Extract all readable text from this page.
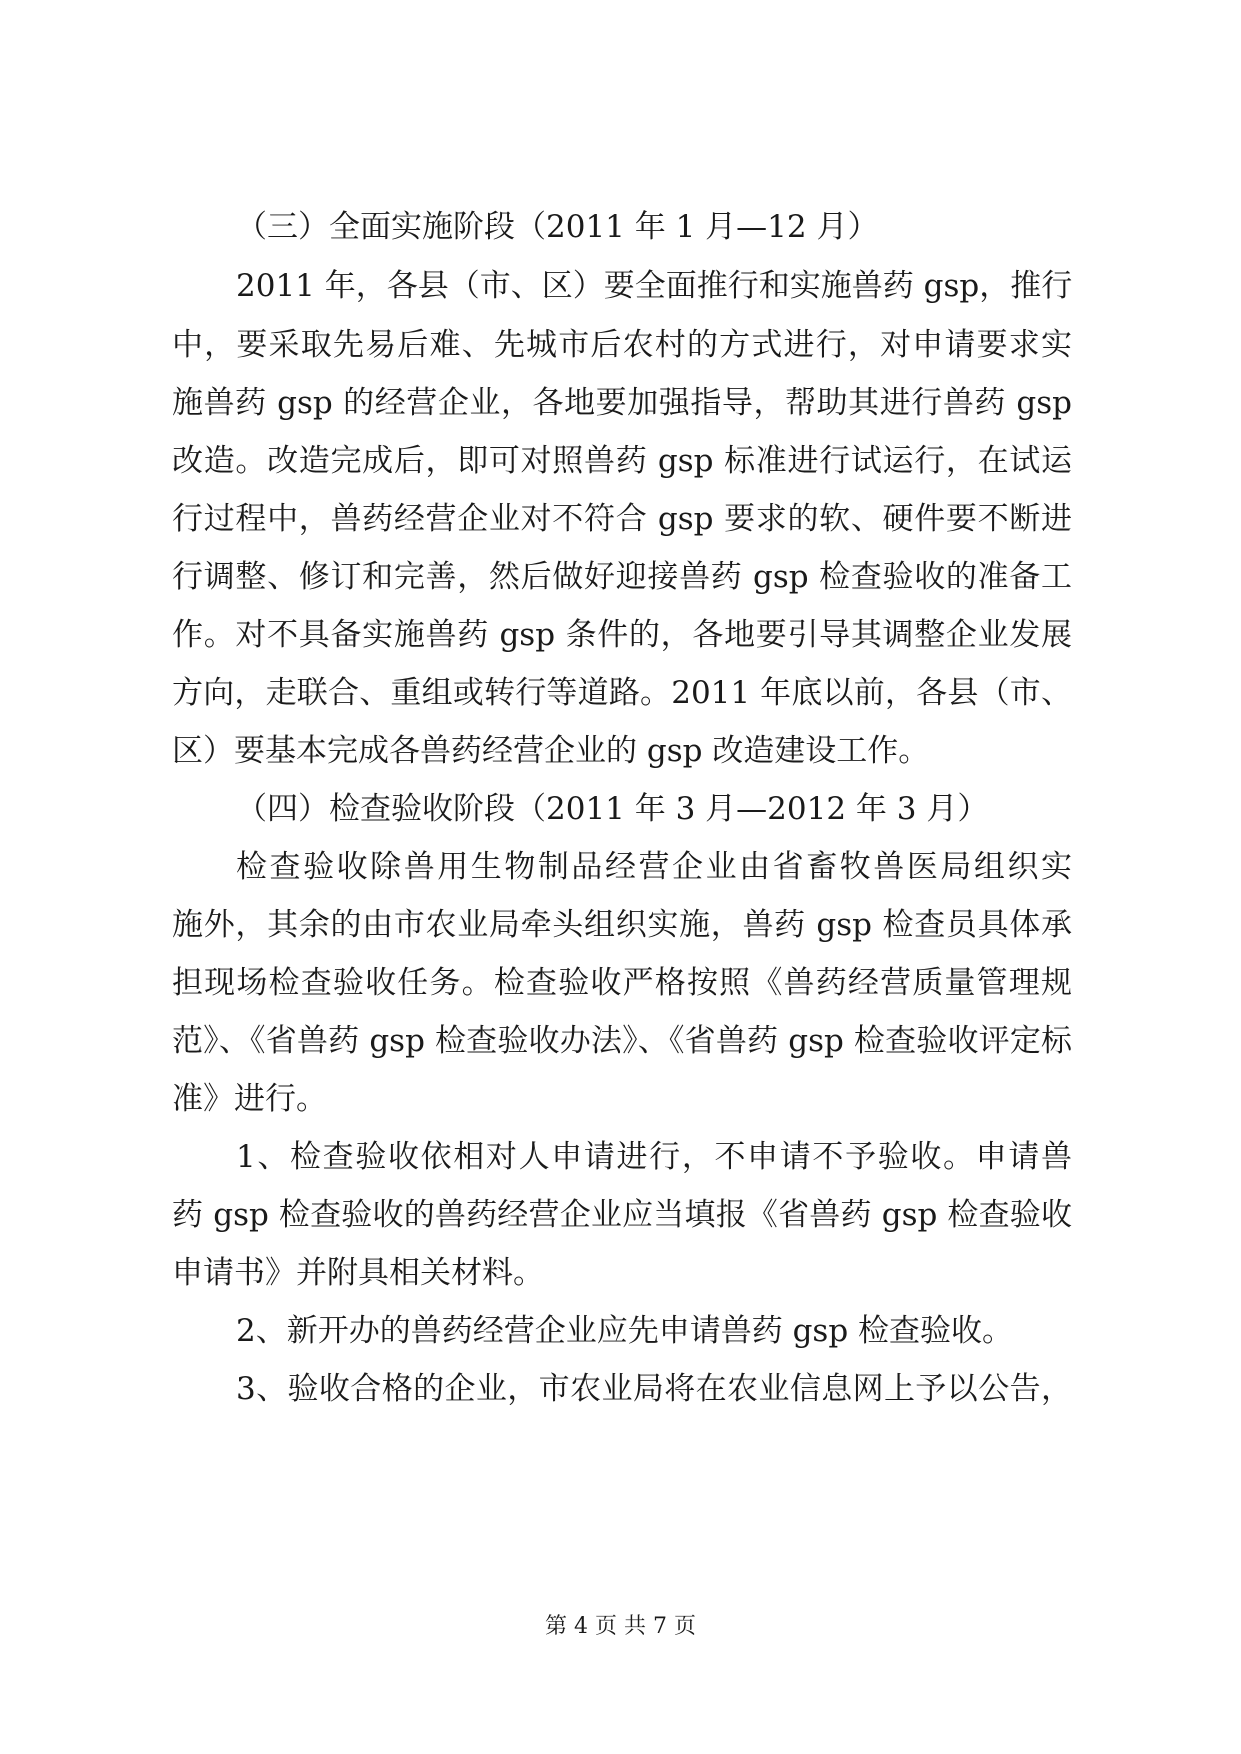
（三）全面实施阶段（2011 年 1 月—12 月）
2011 年，各县（市、区）要全面推行和实施兽药 gsp，推行
中，要采取先易后难、先城市后农村的方式进行，对申请要求实
施兽药 gsp 的经营企业，各地要加强指导，帮助其进行兽药 gsp
改造。改造完成后，即可对照兽药 gsp 标准进行试运行，在试运
行过程中，兽药经营企业对不符合 gsp 要求的软、硬件要不断进
行调整、修订和完善，然后做好迎接兽药 gsp 检查验收的准备工
作。对不具备实施兽药 gsp 条件的，各地要引导其调整企业发展
方向，走联合、重组或转行等道路。2011 年底以前，各县（市、
区）要基本完成各兽药经营企业的 gsp 改造建设工作。
（四）检查验收阶段（2011 年 3 月—2012 年 3 月）
检查验收除兽用生物制品经营企业由省畜牧兽医局组织实
施外，其余的由市农业局牵头组织实施，兽药 gsp 检查员具体承
担现场检查验收任务。检查验收严格按照《兽药经营质量管理规
范》、《省兽药 gsp 检查验收办法》、《省兽药 gsp 检查验收评定标
准》进行。
1、检查验收依相对人申请进行，不申请不予验收。申请兽
药 gsp 检查验收的兽药经营企业应当填报《省兽药 gsp 检查验收
申请书》并附具相关材料。
2、新开办的兽药经营企业应先申请兽药 gsp 检查验收。
3、验收合格的企业，市农业局将在农业信息网上予以公告，
第 4 页 共 7 页
